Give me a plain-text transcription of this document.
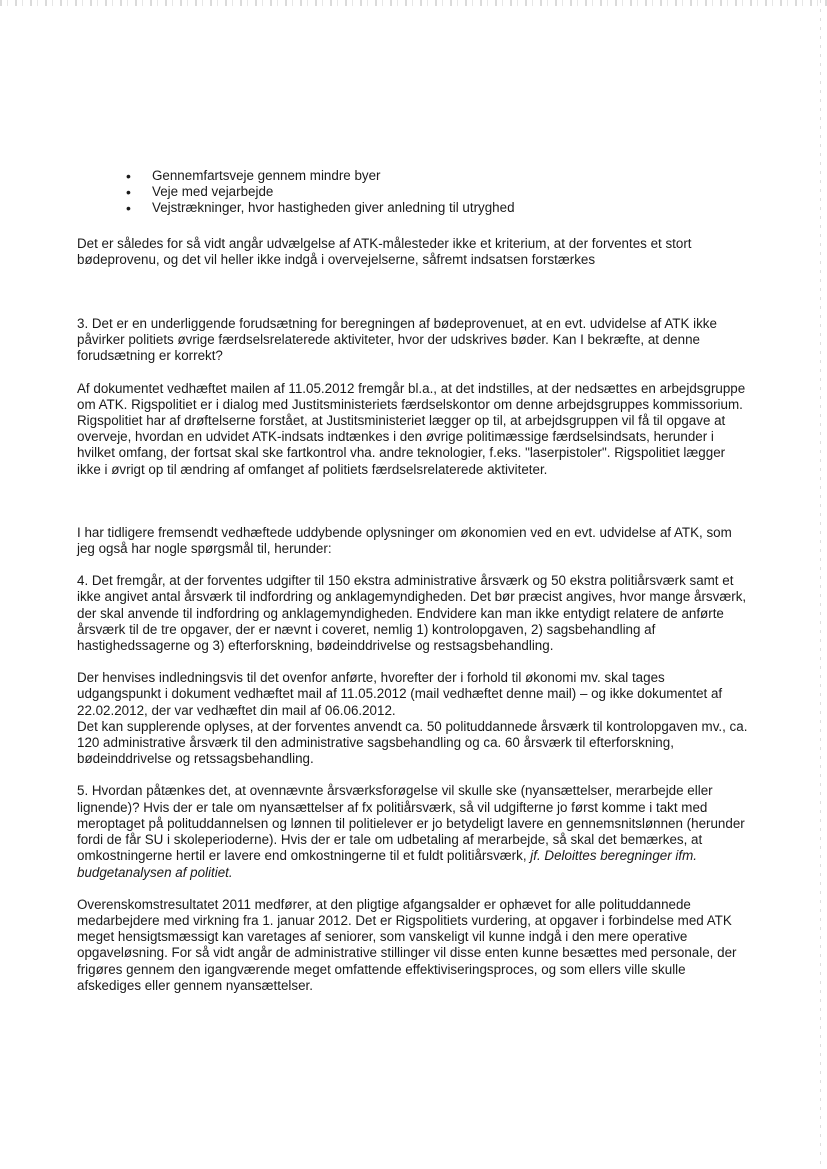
• Gennemfartsveje gennem mindre byer
• Veje med vejarbejde
• Vejstrækninger, hvor hastigheden giver anledning til utryghed

Det er således for så vidt angår udvælgelse af ATK-målesteder ikke et kriterium, at der forventes et stort bødeprovenu, og det vil heller ikke indgå i overvejelserne, såfremt indsatsen forstærkes

3. Det er en underliggende forudsætning for beregningen af bødeprovenuet, at en evt. udvidelse af ATK ikke påvirker politiets øvrige færdselsrelaterede aktiviteter, hvor der udskrives bøder. Kan I bekræfte, at denne forudsætning er korrekt?

Af dokumentet vedhæftet mailen af 11.05.2012 fremgår bl.a., at det indstilles, at der nedsættes en arbejdsgruppe om ATK. Rigspolitiet er i dialog med Justitsministeriets færdselskontor om denne arbejdsgruppes kommissorium. Rigspolitiet har af drøftelserne forstået, at Justitsministeriet lægger op til, at arbejdsgruppen vil få til opgave at overveje, hvordan en udvidet ATK-indsats indtænkes i den øvrige politimæssige færdselsindsats, herunder i hvilket omfang, der fortsat skal ske fartkontrol vha. andre teknologier, f.eks. "laserpistoler". Rigspolitiet lægger ikke i øvrigt op til ændring af omfanget af politiets færdselsrelaterede aktiviteter.

I har tidligere fremsendt vedhæftede uddybende oplysninger om økonomien ved en evt. udvidelse af ATK, som jeg også har nogle spørgsmål til, herunder:

4. Det fremgår, at der forventes udgifter til 150 ekstra administrative årsværk og 50 ekstra politiårsværk samt et ikke angivet antal årsværk til indfordring og anklagemyndigheden. Det bør præcist angives, hvor mange årsværk, der skal anvende til indfordring og anklagemyndigheden. Endvidere kan man ikke entydigt relatere de anførte årsværk til de tre opgaver, der er nævnt i coveret, nemlig 1) kontrolopgaven, 2) sagsbehandling af hastighedssagerne og 3) efterforskning, bødeinddrivelse og restsagsbehandling.

Der henvises indledningsvis til det ovenfor anførte, hvorefter der i forhold til økonomi mv. skal tages udgangspunkt i dokument vedhæftet mail af 11.05.2012 (mail vedhæftet denne mail) – og ikke dokumentet af 22.02.2012, der var vedhæftet din mail af 06.06.2012.

Det kan supplerende oplyses, at der forventes anvendt ca. 50 polituddannede årsværk til kontrolopgaven mv., ca. 120 administrative årsværk til den administrative sagsbehandling og ca. 60 årsværk til efterforskning, bødeinddrivelse og retssagsbehandling.

5. Hvordan påtænkes det, at ovennævnte årsværksforøgelse vil skulle ske (nyansættelser, merarbejde eller lignende)? Hvis der er tale om nyansættelser af fx politiårsværk, så vil udgifterne jo først komme i takt med meroptaget på polituddannelsen og lønnen til politielever er jo betydeligt lavere en gennemsnitslønnen (herunder fordi de får SU i skoleperioderne). Hvis der er tale om udbetaling af merarbejde, så skal det bemærkes, at omkostningerne hertil er lavere end omkostningerne til et fuldt politiårsværk, jf. Deloittes beregninger ifm. budgetanalysen af politiet.

Overenskomstresultatet 2011 medfører, at den pligtige afgangsalder er ophævet for alle polituddannede medarbejdere med virkning fra 1. januar 2012. Det er Rigspolitiets vurdering, at opgaver i forbindelse med ATK meget hensigtsmæssigt kan varetages af seniorer, som vanskeligt vil kunne indgå i den mere operative opgaveløsning. For så vidt angår de administrative stillinger vil disse enten kunne besættes med personale, der frigøres gennem den igangværende meget omfattende effektiviseringsproces, og som ellers ville skulle afskediges eller gennem nyansættelser.
